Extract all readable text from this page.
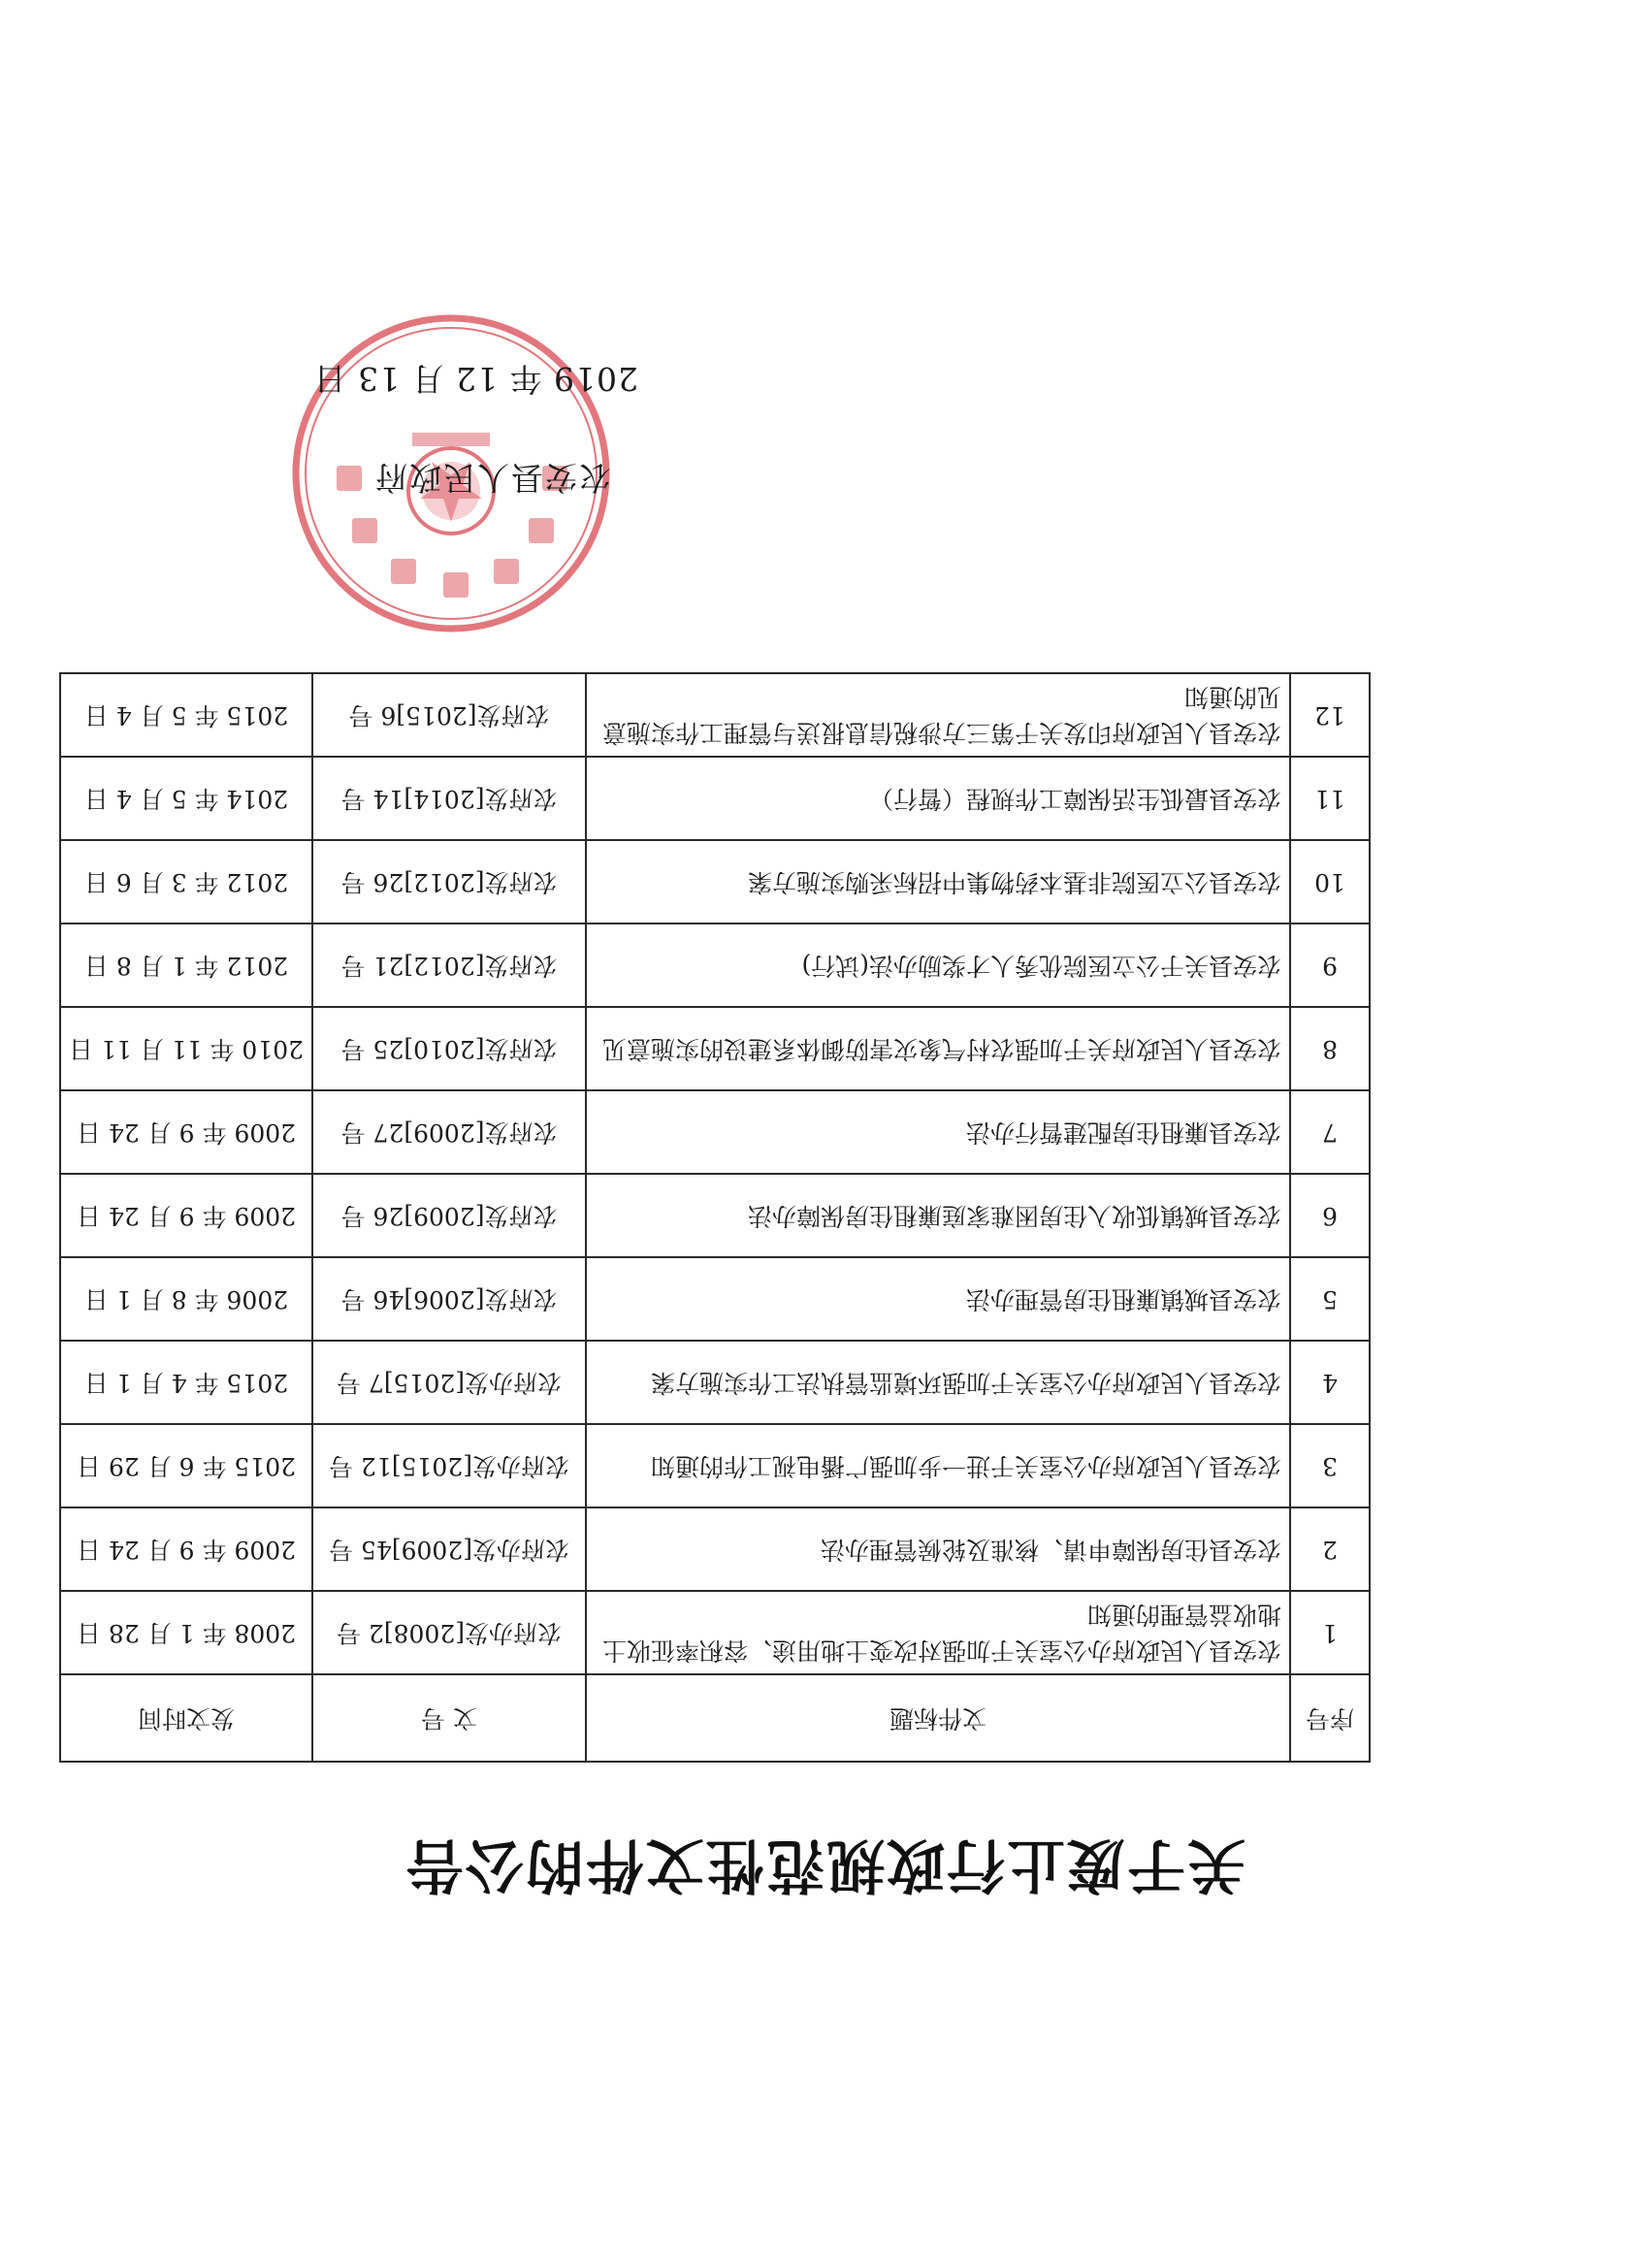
关于废止行政规范性文件的公告
序号	文件标题	文 号	发文时间
1	农安县人民政府办公室关于加强对改变土地用途、容积率征收土地收益管理的通知	农府办发[2008]2 号	2008 年 1 月 28 日
2	农安县住房保障申请、核准及轮候管理办法	农府办发[2009]45 号	2009 年 9 月 24 日
3	农安县人民政府办公室关于进一步加强广播电视工作的通知	农府办发[2015]12 号	2015 年 6 月 29 日
4	农安县人民政府办公室关于加强环境监管执法工作实施方案	农府办发[2015]7 号	2015 年 4 月 1 日
5	农安县城镇廉租住房管理办法	农府发[2006]46 号	2006 年 8 月 1 日
6	农安县城镇低收入住房困难家庭廉租住房保障办法	农府发[2009]26 号	2009 年 9 月 24 日
7	农安县廉租住房配建暂行办法	农府发[2009]27 号	2009 年 9 月 24 日
8	农安县人民政府关于加强农村气象灾害防御体系建设的实施意见	农府发[2010]25 号	2010 年 11 月 11 日
9	农安县关于公立医院优秀人才奖励办法(试行)	农府发[2012]21 号	2012 年 1 月 8 日
10	农安县公立医院非基本药物集中招标采购实施方案	农府发[2012]26 号	2012 年 3 月 6 日
11	农安县最低生活保障工作规程（暂行）	农府发[2014]14 号	2014 年 5 月 4 日
12	农安县人民政府印发关于第三方涉税信息报送与管理工作实施意见的通知	农府发[2015]6 号	2015 年 5 月 4 日
农安县人民政府
2019 年 12 月 13 日
